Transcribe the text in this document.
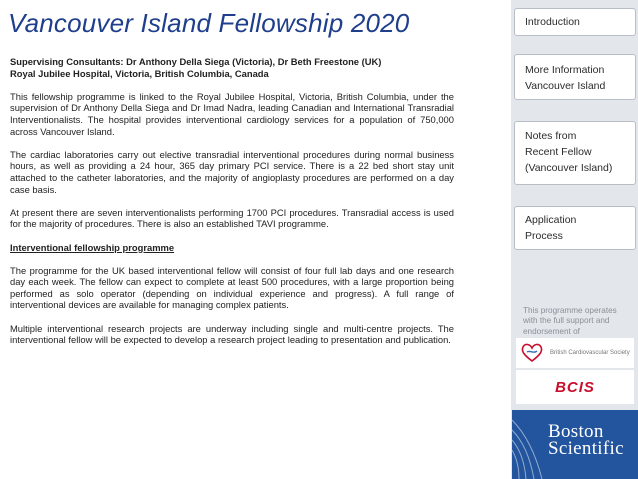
Vancouver Island Fellowship 2020
Supervising Consultants: Dr Anthony Della Siega (Victoria), Dr Beth Freestone (UK)

Royal Jubilee Hospital, Victoria, British Columbia, Canada

This fellowship programme is linked to the Royal Jubilee Hospital, Victoria, British Columbia, under the supervision of Dr Anthony Della Siega and Dr Imad Nadra, leading Canadian and International Transradial Interventionalists. The hospital provides interventional cardiology services for a population of 750,000 across Vancouver Island.

The cardiac laboratories carry out elective transradial interventional procedures during normal business hours, as well as providing a 24 hour, 365 day primary PCI service. There is a 22 bed short stay unit attached to the catheter laboratories, and the majority of angioplasty procedures are performed on a day case basis.

At present there are seven interventionalists performing 1700 PCI procedures. Transradial access is used for the majority of procedures. There is also an established TAVI programme.

Interventional fellowship programme

The programme for the UK based interventional fellow will consist of four full lab days and one research day each week. The fellow can expect to complete at least 500 procedures, with a large proportion being performed as solo operator (depending on individual experience and progress). A full range of interventional devices are available for managing complex patients.

Multiple interventional research projects are underway including single and multi-centre projects. The interventional fellow will be expected to develop a research project leading to presentation and publication.

Introduction
More Information
Vancouver Island
Notes from
Recent Fellow
(Vancouver Island)
Application
Process
This programme operates with the full support and endorsement of
British Cardiovascular Society
BCIS
Boston
Scientific
